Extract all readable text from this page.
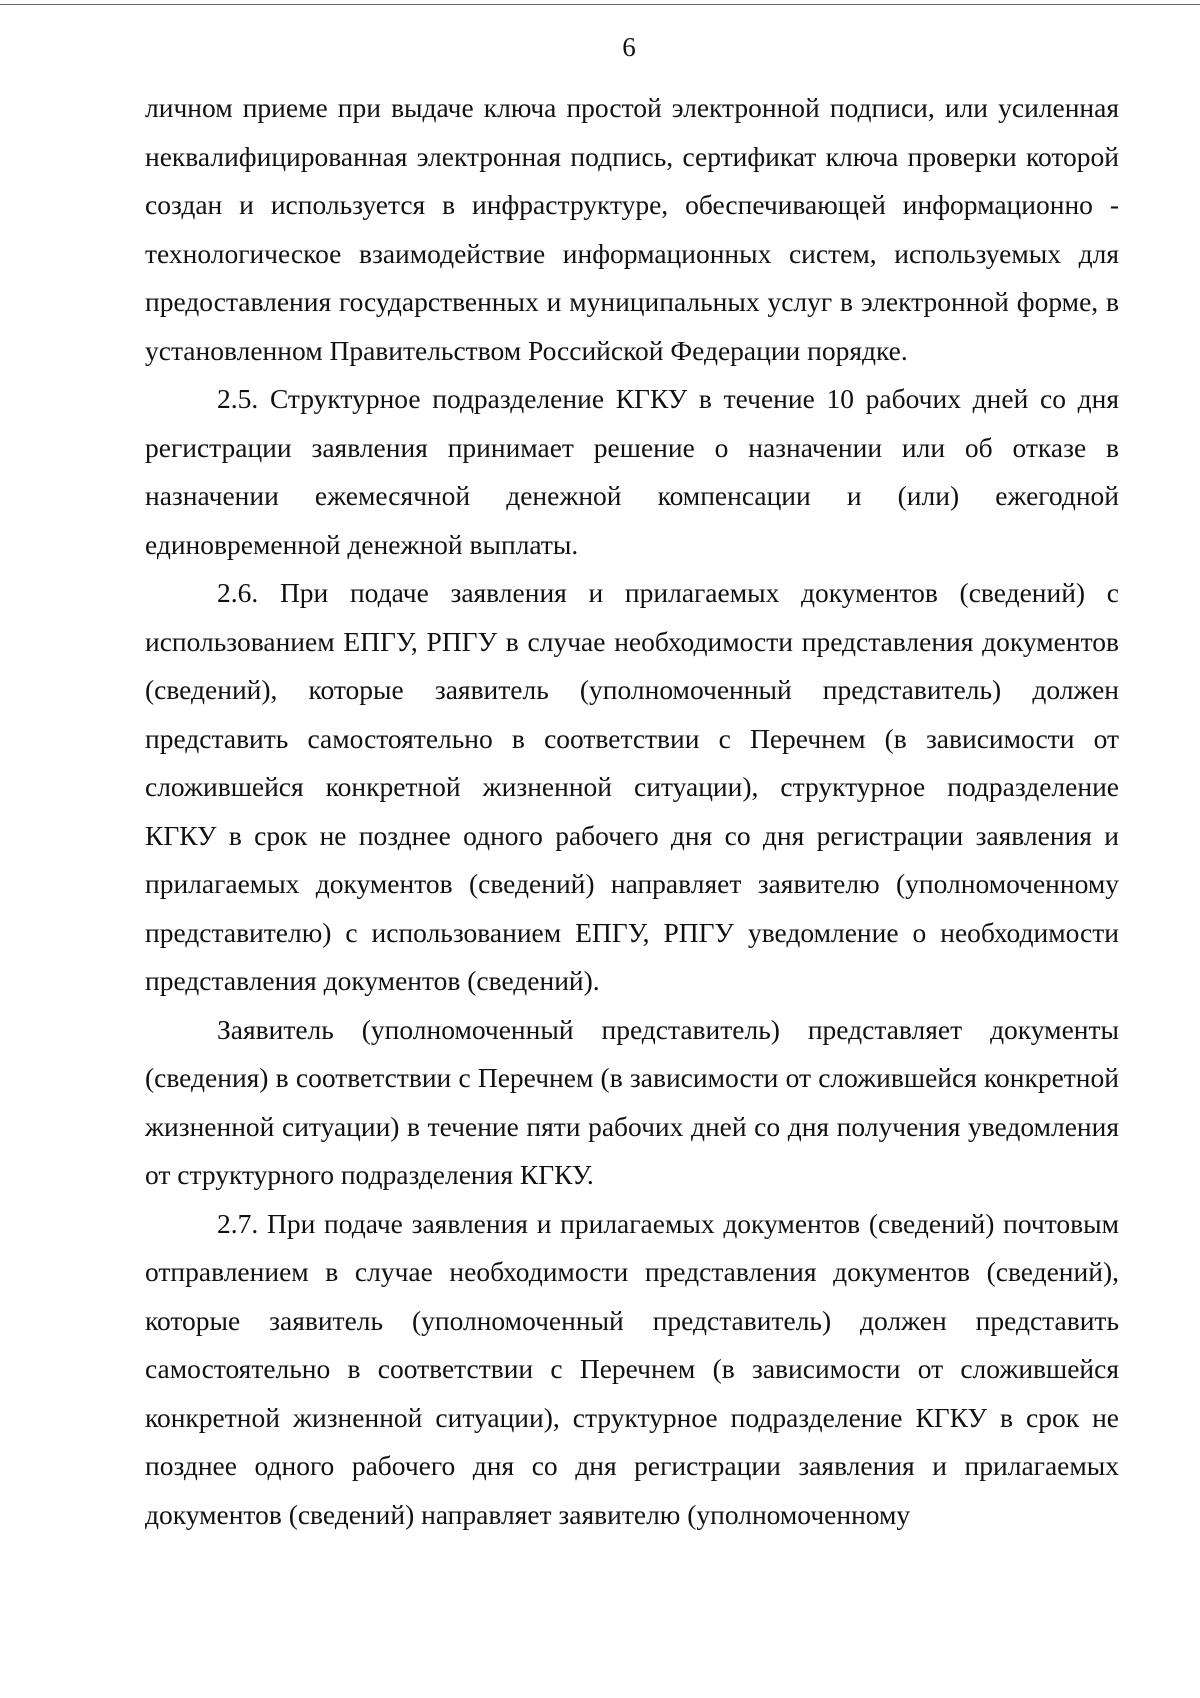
6

личном приеме при выдаче ключа простой электронной подписи, или усиленная неквалифицированная электронная подпись, сертификат ключа проверки которой создан и используется в инфраструктуре, обеспечивающей информационно - технологическое взаимодействие информационных систем, используемых для предоставления государственных и муниципальных услуг в электронной форме, в установленном Правительством Российской Федерации порядке.

2.5. Структурное подразделение КГКУ в течение 10 рабочих дней со дня регистрации заявления принимает решение о назначении или об отказе в назначении ежемесячной денежной компенсации и (или) ежегодной единовременной денежной выплаты.

2.6. При подаче заявления и прилагаемых документов (сведений) с использованием ЕПГУ, РПГУ в случае необходимости представления документов (сведений), которые заявитель (уполномоченный представитель) должен представить самостоятельно в соответствии с Перечнем (в зависимости от сложившейся конкретной жизненной ситуации), структурное подразделение КГКУ в срок не позднее одного рабочего дня со дня регистрации заявления и прилагаемых документов (сведений) направляет заявителю (уполномоченному представителю) с использованием ЕПГУ, РПГУ уведомление о необходимости представления документов (сведений).

Заявитель (уполномоченный представитель) представляет документы (сведения) в соответствии с Перечнем (в зависимости от сложившейся конкретной жизненной ситуации) в течение пяти рабочих дней со дня получения уведомления от структурного подразделения КГКУ.

2.7. При подаче заявления и прилагаемых документов (сведений) почтовым отправлением в случае необходимости представления документов (сведений), которые заявитель (уполномоченный представитель) должен представить самостоятельно в соответствии с Перечнем (в зависимости от сложившейся конкретной жизненной ситуации), структурное подразделение КГКУ в срок не позднее одного рабочего дня со дня регистрации заявления и прилагаемых документов (сведений) направляет заявителю (уполномоченному
